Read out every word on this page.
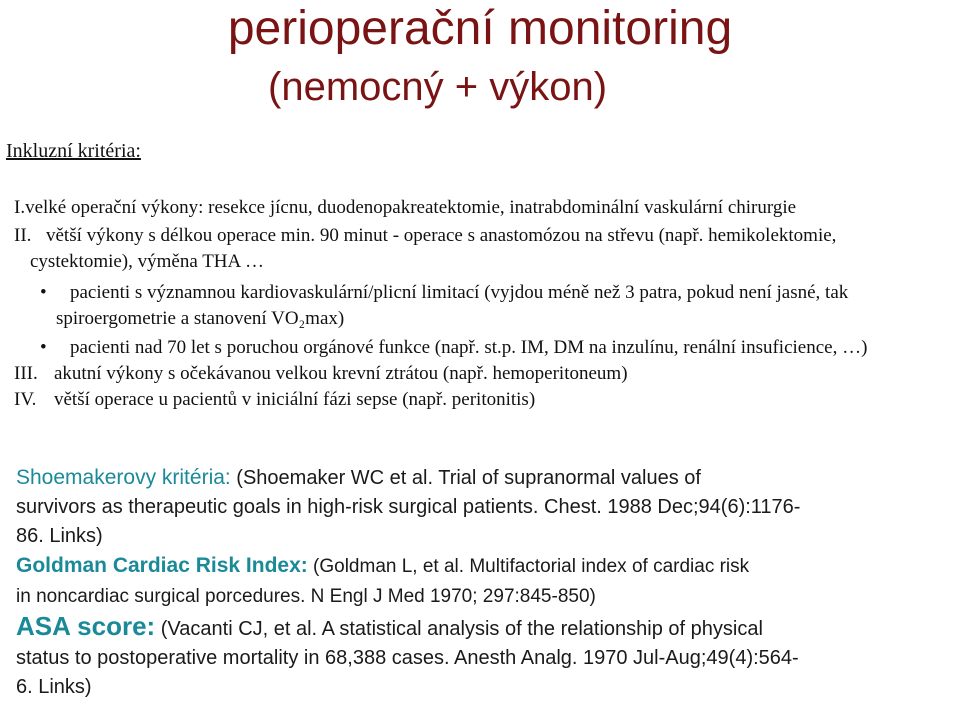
perioperační monitoring
(nemocný + výkon)
Inkluzní kritéria:
I.velké operační výkony: resekce jícnu, duodenopakreatektomie, inatrabdominální vaskulární chirurgie
II. větší výkony s délkou operace min. 90 minut - operace s anastomózou na střevu (např. hemikolektomie,
cystektomie), výměna THA …
• pacienti s významnou kardiovaskulární/plicní limitací (vyjdou méně než 3 patra, pokud není jasné, tak
spiroergometrie a stanovení VO₂max)
• pacienti nad 70 let s poruchou orgánové funkce (např. st.p. IM, DM na inzulínu, renální insuficience, …)
III. akutní výkony s očekávanou velkou krevní ztrátou (např. hemoperitoneum)
IV. větší operace u pacientů v iniciální fázi sepse (např. peritonitis)

Shoemakerovy kritéria: (Shoemaker WC et al. Trial of supranormal values of
survivors as therapeutic goals in high-risk surgical patients. Chest. 1988 Dec;94(6):1176-
86. Links)

Goldman Cardiac Risk Index: (Goldman L, et al. Multifactorial index of cardiac risk
in noncardiac surgical porcedures. N Engl J Med 1970; 297:845-850)

ASA score: (Vacanti CJ, et al. A statistical analysis of the relationship of physical
status to postoperative mortality in 68,388 cases. Anesth Analg. 1970 Jul-Aug;49(4):564-
6. Links)
